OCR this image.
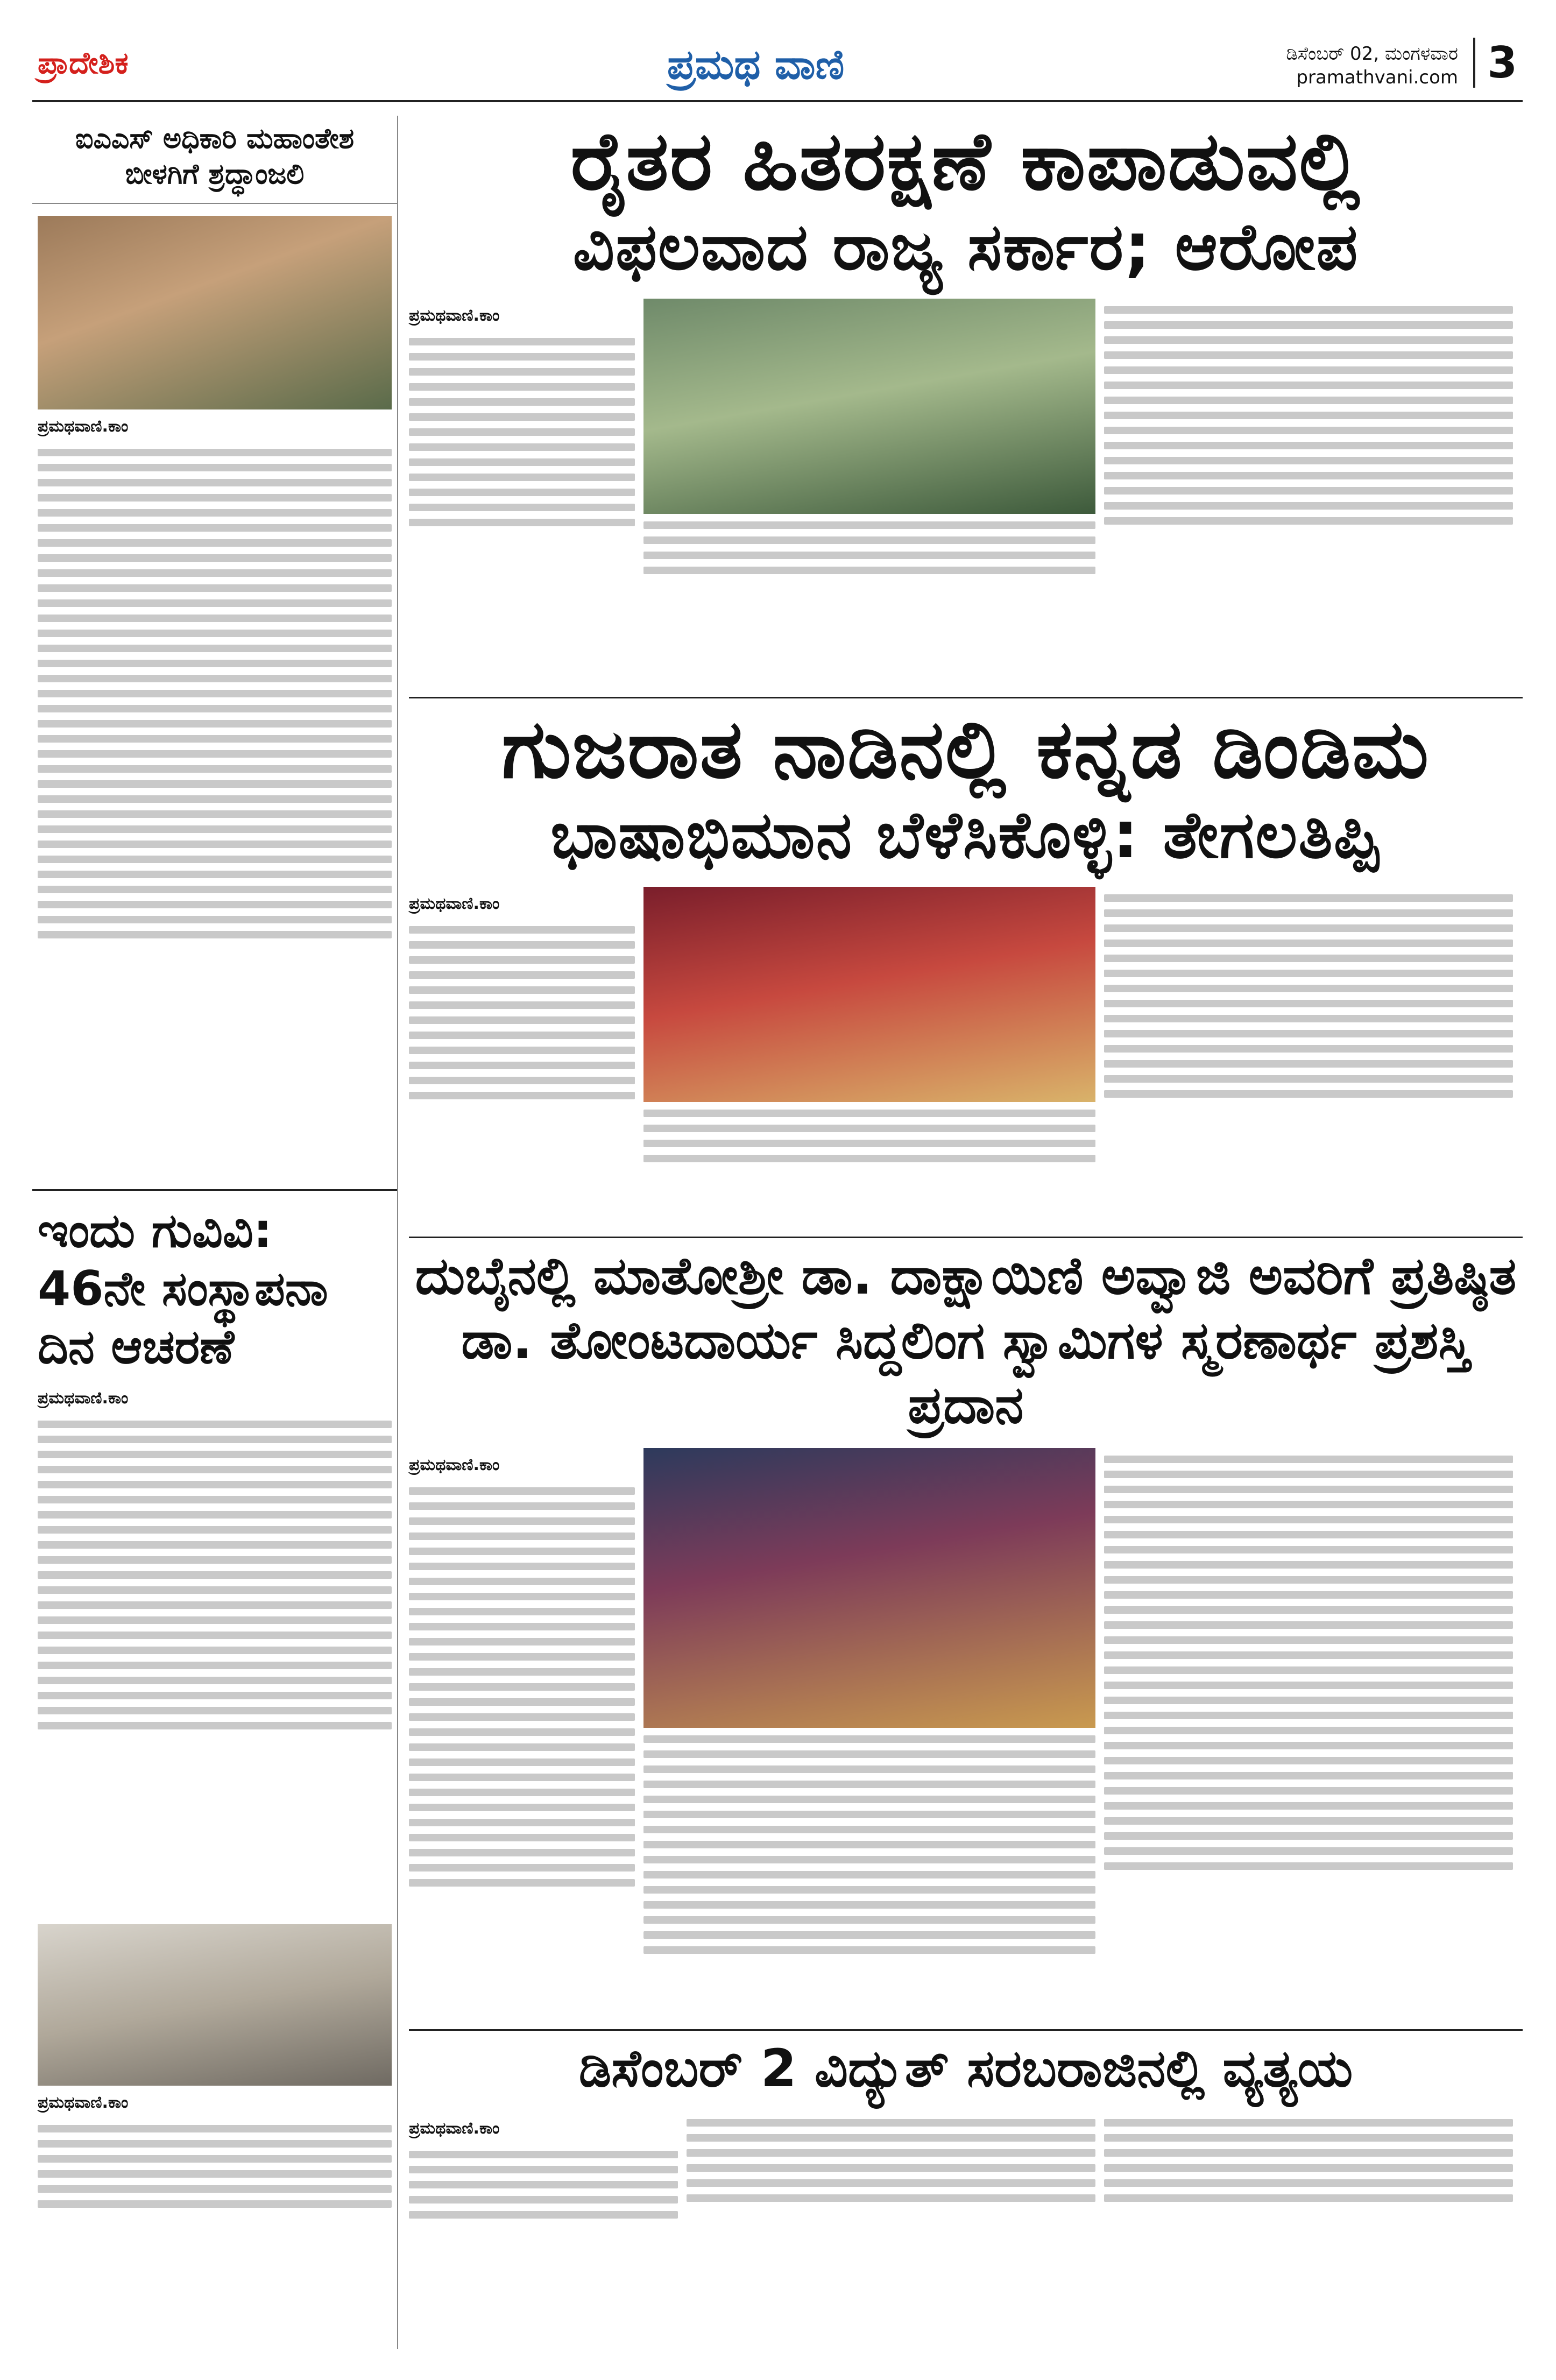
ಪ್ರಾದೇಶಿಕ	ಪ್ರಮಥ ವಾಣಿ	ಡಿಸೆಂಬರ್ 02, ಮಂಗಳವಾರ
pramathvani.com 3
ಐಎಎಸ್ ಅಧಿಕಾರಿ ಮಹಾಂತೇಶ ಬೀಳಗಿಗೆ ಶ್ರದ್ಧಾಂಜಲಿ
ಪ್ರಮಥವಾಣಿ.ಕಾಂ
ಇಂದು ಗುವಿವಿ: 46ನೇ ಸಂಸ್ಥಾಪನಾ ದಿನ ಆಚರಣೆ
ಪ್ರಮಥವಾಣಿ.ಕಾಂ
ಪ್ರಮಥವಾಣಿ.ಕಾಂ
ರೈತರ ಹಿತರಕ್ಷಣೆ ಕಾಪಾಡುವಲ್ಲಿ
ವಿಫಲವಾದ ರಾಜ್ಯ ಸರ್ಕಾರ; ಆರೋಪ
ಪ್ರಮಥವಾಣಿ.ಕಾಂ
ಗುಜರಾತ ನಾಡಿನಲ್ಲಿ ಕನ್ನಡ ಡಿಂಡಿಮ
ಭಾಷಾಭಿಮಾನ ಬೆಳೆಸಿಕೊಳ್ಳಿ: ತೇಗಲತಿಪ್ಪಿ
ಪ್ರಮಥವಾಣಿ.ಕಾಂ
ದುಬೈನಲ್ಲಿ ಮಾತೋಶ್ರೀ ಡಾ. ದಾಕ್ಷಾಯಿಣಿ ಅವ್ವಾಜಿ ಅವರಿಗೆ ಪ್ರತಿಷ್ಠಿತ
ಡಾ. ತೋಂಟದಾರ್ಯ ಸಿದ್ದಲಿಂಗ ಸ್ವಾಮಿಗಳ ಸ್ಮರಣಾರ್ಥ ಪ್ರಶಸ್ತಿ ಪ್ರದಾನ
ಪ್ರಮಥವಾಣಿ.ಕಾಂ
ಡಿಸೆಂಬರ್ 2 ವಿದ್ಯುತ್ ಸರಬರಾಜಿನಲ್ಲಿ ವ್ಯತ್ಯಯ
ಪ್ರಮಥವಾಣಿ.ಕಾಂ
